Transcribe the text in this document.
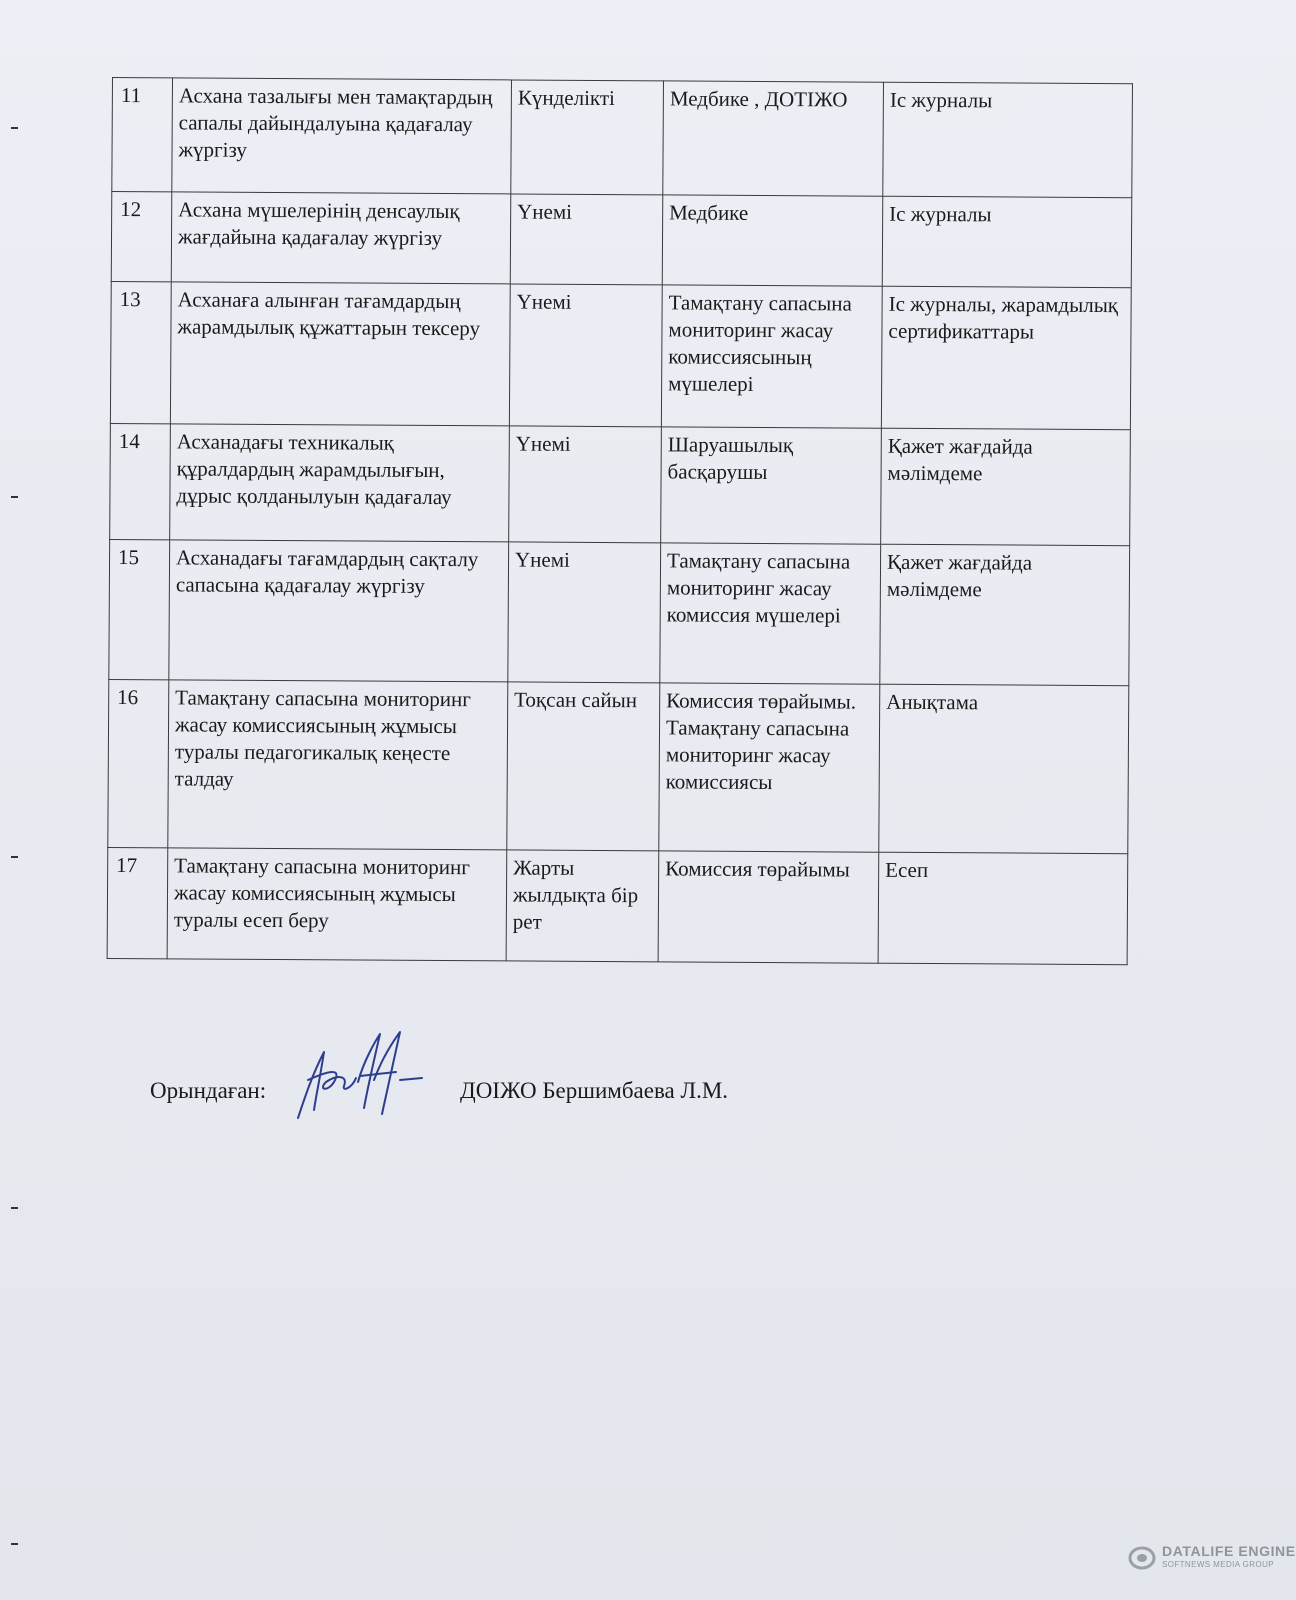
11	Асхана тазалығы мен тамақтардың сапалы дайындалуына қадағалау жүргізу	Күнделікті	Медбике , ДОТІЖО	Іс журналы
12	Асхана мүшелерінің денсаулық жағдайына қадағалау жүргізу	Үнемі	Медбике	Іс журналы
13	Асханаға алынған тағамдардың жарамдылық құжаттарын тексеру	Үнемі	Тамақтану сапасына мониторинг жасау комиссиясының мүшелері	Іс журналы, жарамдылық сертификаттары
14	Асханадағы техникалық құралдардың жарамдылығын, дұрыс қолданылуын қадағалау	Үнемі	Шаруашылық басқарушы	Қажет жағдайда мәлімдеме
15	Асханадағы тағамдардың сақталу сапасына қадағалау жүргізу	Үнемі	Тамақтану сапасына мониторинг жасау комиссия мүшелері	Қажет жағдайда мәлімдеме
16	Тамақтану сапасына мониторинг жасау комиссиясының жұмысы туралы педагогикалық кеңесте талдау	Тоқсан сайын	Комиссия төрайымы. Тамақтану сапасына мониторинг жасау комиссиясы	Анықтама
17	Тамақтану сапасына мониторинг жасау комиссиясының жұмысы туралы есеп беру	Жарты жылдықта бір рет	Комиссия төрайымы	Есеп
Орындаған:	ДОІЖО Бершимбаева Л.М.
DATALIFE ENGINE
SOFTNEWS MEDIA GROUP
